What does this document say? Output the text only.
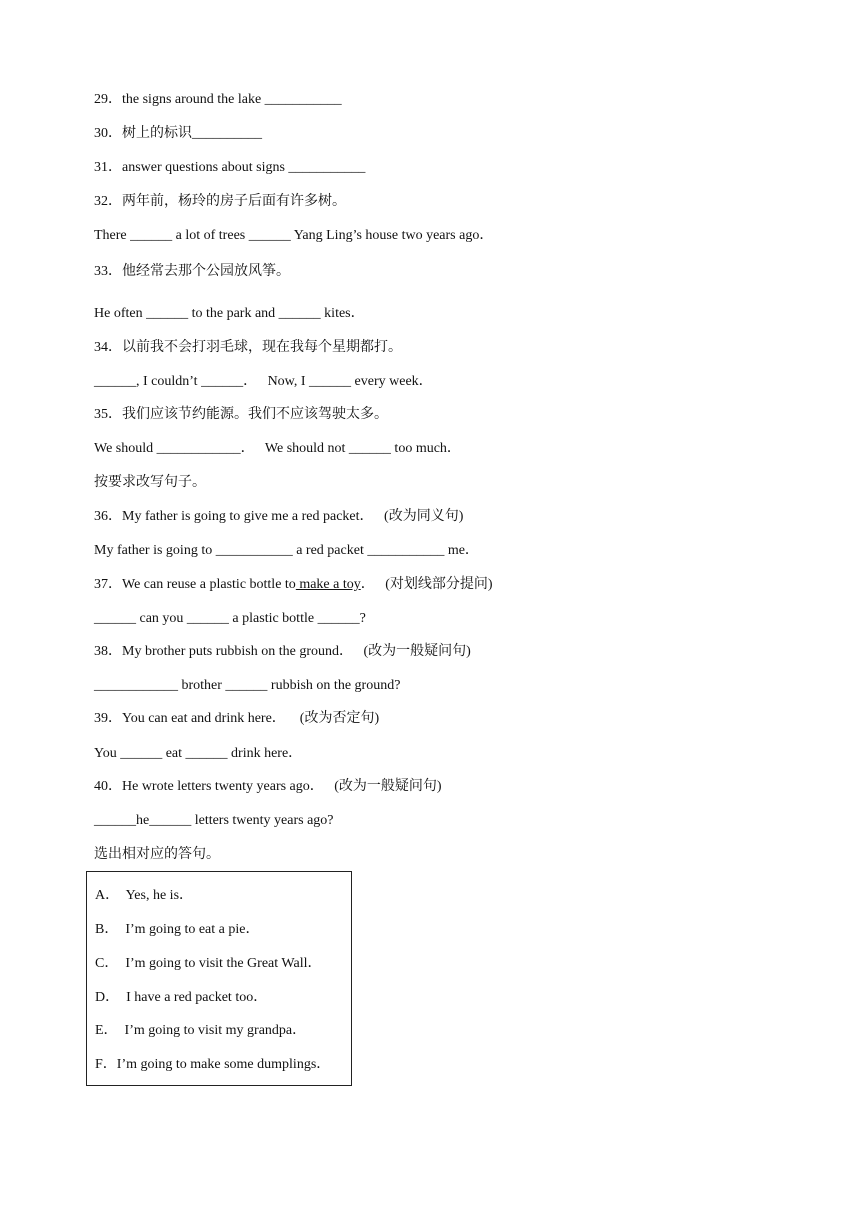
29．the signs around the lake ___________
30．树上的标识__________
31．answer questions about signs ___________
32．两年前，杨玲的房子后面有许多树。
There ______ a lot of trees ______ Yang Ling’s house two years ago．
33．他经常去那个公园放风筝。
He often ______ to the park and ______ kites．
34．以前我不会打羽毛球，现在我每个星期都打。
______, I couldn’t ______．   Now, I ______ every week．
35．我们应该节约能源。我们不应该驾驶太多。
We should ____________．   We should not ______ too much．
按要求改写句子。
36．My father is going to give me a red packet．   (改为同义句)
My father is going to ___________ a red packet ___________ me．
37．We can reuse a plastic bottle to make a toy．   (对划线部分提问)
______ can you ______ a plastic bottle ______?
38．My brother puts rubbish on the ground．   (改为一般疑问句)
____________ brother ______ rubbish on the ground?
39．You can eat and drink here．    (改为否定句)
You ______ eat ______ drink here．
40．He wrote letters twenty years ago．   (改为一般疑问句)
______he______ letters twenty years ago?
选出相对应的答句。
A．  Yes, he is．
B．  I’m going to eat a pie．
C．  I’m going to visit the Great Wall．
D．  I have a red packet too．
E．  I’m going to visit my grandpa．
F．I’m going to make some dumplings．
